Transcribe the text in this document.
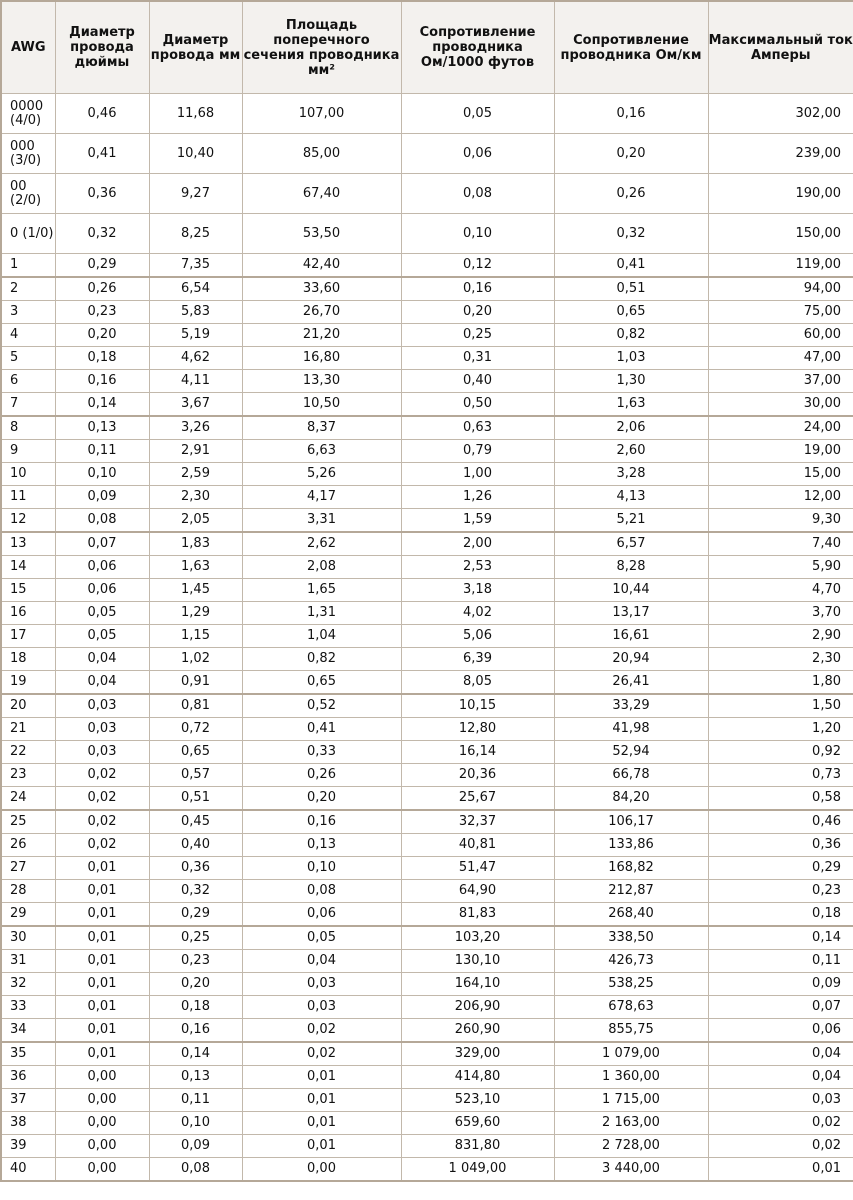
AWG	Диаметр провода дюймы	Диаметр провода мм	Площадь поперечного сечения проводника мм²	Сопротивление проводника Ом/1000 футов	Сопротивление проводника Ом/км	Максимальный ток Амперы
0000 (4/0)	0,46	11,68	107,00	0,05	0,16	302,00
000 (3/0)	0,41	10,40	85,00	0,06	0,20	239,00
00 (2/0)	0,36	9,27	67,40	0,08	0,26	190,00
0 (1/0)	0,32	8,25	53,50	0,10	0,32	150,00
1	0,29	7,35	42,40	0,12	0,41	119,00
2	0,26	6,54	33,60	0,16	0,51	94,00
3	0,23	5,83	26,70	0,20	0,65	75,00
4	0,20	5,19	21,20	0,25	0,82	60,00
5	0,18	4,62	16,80	0,31	1,03	47,00
6	0,16	4,11	13,30	0,40	1,30	37,00
7	0,14	3,67	10,50	0,50	1,63	30,00
8	0,13	3,26	8,37	0,63	2,06	24,00
9	0,11	2,91	6,63	0,79	2,60	19,00
10	0,10	2,59	5,26	1,00	3,28	15,00
11	0,09	2,30	4,17	1,26	4,13	12,00
12	0,08	2,05	3,31	1,59	5,21	9,30
13	0,07	1,83	2,62	2,00	6,57	7,40
14	0,06	1,63	2,08	2,53	8,28	5,90
15	0,06	1,45	1,65	3,18	10,44	4,70
16	0,05	1,29	1,31	4,02	13,17	3,70
17	0,05	1,15	1,04	5,06	16,61	2,90
18	0,04	1,02	0,82	6,39	20,94	2,30
19	0,04	0,91	0,65	8,05	26,41	1,80
20	0,03	0,81	0,52	10,15	33,29	1,50
21	0,03	0,72	0,41	12,80	41,98	1,20
22	0,03	0,65	0,33	16,14	52,94	0,92
23	0,02	0,57	0,26	20,36	66,78	0,73
24	0,02	0,51	0,20	25,67	84,20	0,58
25	0,02	0,45	0,16	32,37	106,17	0,46
26	0,02	0,40	0,13	40,81	133,86	0,36
27	0,01	0,36	0,10	51,47	168,82	0,29
28	0,01	0,32	0,08	64,90	212,87	0,23
29	0,01	0,29	0,06	81,83	268,40	0,18
30	0,01	0,25	0,05	103,20	338,50	0,14
31	0,01	0,23	0,04	130,10	426,73	0,11
32	0,01	0,20	0,03	164,10	538,25	0,09
33	0,01	0,18	0,03	206,90	678,63	0,07
34	0,01	0,16	0,02	260,90	855,75	0,06
35	0,01	0,14	0,02	329,00	1 079,00	0,04
36	0,00	0,13	0,01	414,80	1 360,00	0,04
37	0,00	0,11	0,01	523,10	1 715,00	0,03
38	0,00	0,10	0,01	659,60	2 163,00	0,02
39	0,00	0,09	0,01	831,80	2 728,00	0,02
40	0,00	0,08	0,00	1 049,00	3 440,00	0,01
